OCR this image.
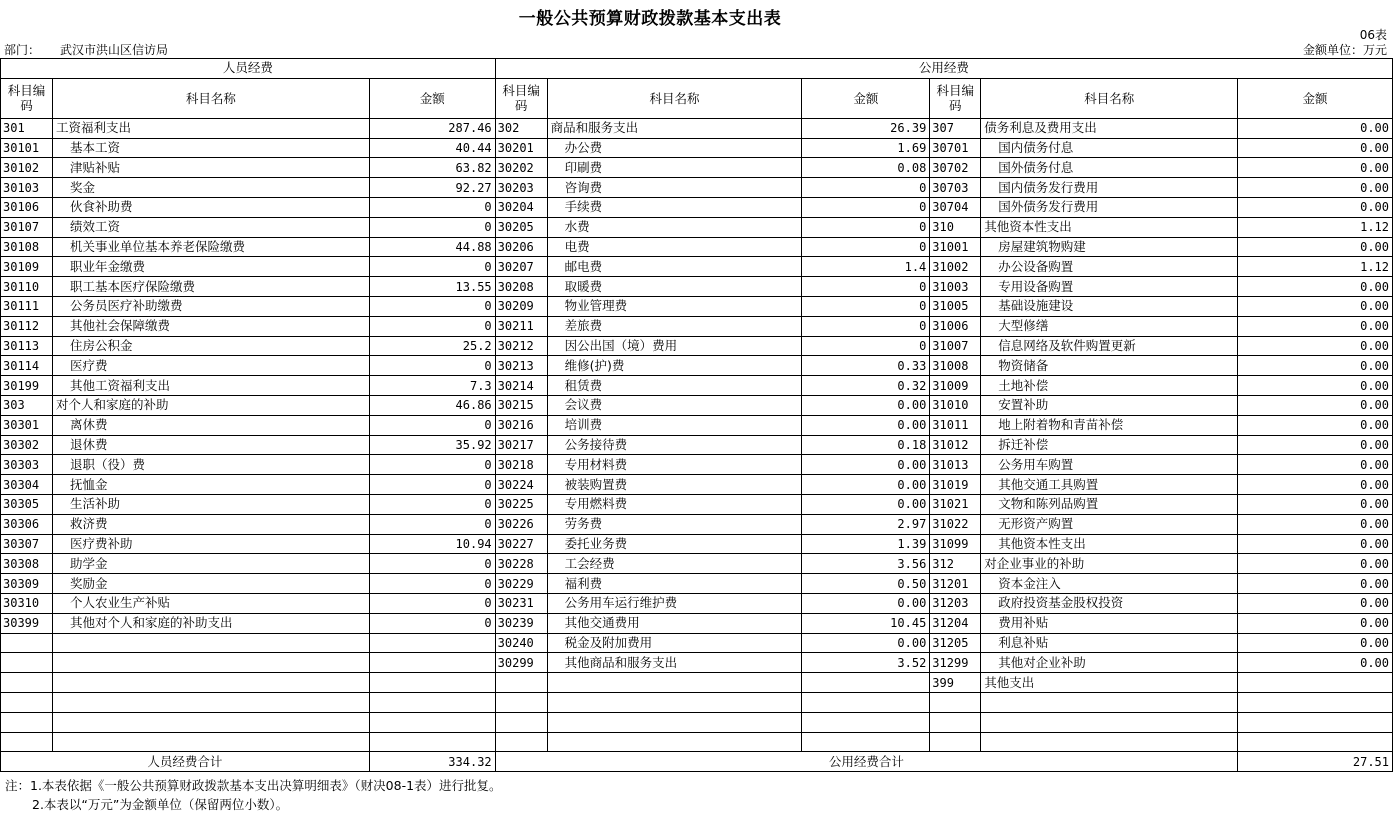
一般公共预算财政拨款基本支出表
06表
部门： 武汉市洪山区信访局	金额单位：万元
人员经费			公用经费					
科目编码	科目名称	金额	科目编码	科目名称	金额	科目编码	科目名称	金额
301	工资福利支出	287.46	302	商品和服务支出	26.39	307	债务利息及费用支出	0.00
30101	基本工资	40.44	30201	办公费	1.69	30701	国内债务付息	0.00
30102	津贴补贴	63.82	30202	印刷费	0.08	30702	国外债务付息	0.00
30103	奖金	92.27	30203	咨询费	0	30703	国内债务发行费用	0.00
30106	伙食补助费	0	30204	手续费	0	30704	国外债务发行费用	0.00
30107	绩效工资	0	30205	水费	0	310	其他资本性支出	1.12
30108	机关事业单位基本养老保险缴费	44.88	30206	电费	0	31001	房屋建筑物购建	0.00
30109	职业年金缴费	0	30207	邮电费	1.4	31002	办公设备购置	1.12
30110	职工基本医疗保险缴费	13.55	30208	取暖费	0	31003	专用设备购置	0.00
30111	公务员医疗补助缴费	0	30209	物业管理费	0	31005	基础设施建设	0.00
30112	其他社会保障缴费	0	30211	差旅费	0	31006	大型修缮	0.00
30113	住房公积金	25.2	30212	因公出国（境）费用	0	31007	信息网络及软件购置更新	0.00
30114	医疗费	0	30213	维修(护)费	0.33	31008	物资储备	0.00
30199	其他工资福利支出	7.3	30214	租赁费	0.32	31009	土地补偿	0.00
303	对个人和家庭的补助	46.86	30215	会议费	0.00	31010	安置补助	0.00
30301	离休费	0	30216	培训费	0.00	31011	地上附着物和青苗补偿	0.00
30302	退休费	35.92	30217	公务接待费	0.18	31012	拆迁补偿	0.00
30303	退职（役）费	0	30218	专用材料费	0.00	31013	公务用车购置	0.00
30304	抚恤金	0	30224	被装购置费	0.00	31019	其他交通工具购置	0.00
30305	生活补助	0	30225	专用燃料费	0.00	31021	文物和陈列品购置	0.00
30306	救济费	0	30226	劳务费	2.97	31022	无形资产购置	0.00
30307	医疗费补助	10.94	30227	委托业务费	1.39	31099	其他资本性支出	0.00
30308	助学金	0	30228	工会经费	3.56	312	对企业事业的补助	0.00
30309	奖励金	0	30229	福利费	0.50	31201	资本金注入	0.00
30310	个人农业生产补贴	0	30231	公务用车运行维护费	0.00	31203	政府投资基金股权投资	0.00
30399	其他对个人和家庭的补助支出	0	30239	其他交通费用	10.45	31204	费用补贴	0.00
			30240	税金及附加费用	0.00	31205	利息补贴	0.00
			30299	其他商品和服务支出	3.52	31299	其他对企业补助	0.00
						399	其他支出	

人员经费合计		334.32	公用经费合计					27.51
注：1.本表依据《一般公共预算财政拨款基本支出决算明细表》（财决08-1表）进行批复。
2.本表以“万元”为金额单位（保留两位小数）。
